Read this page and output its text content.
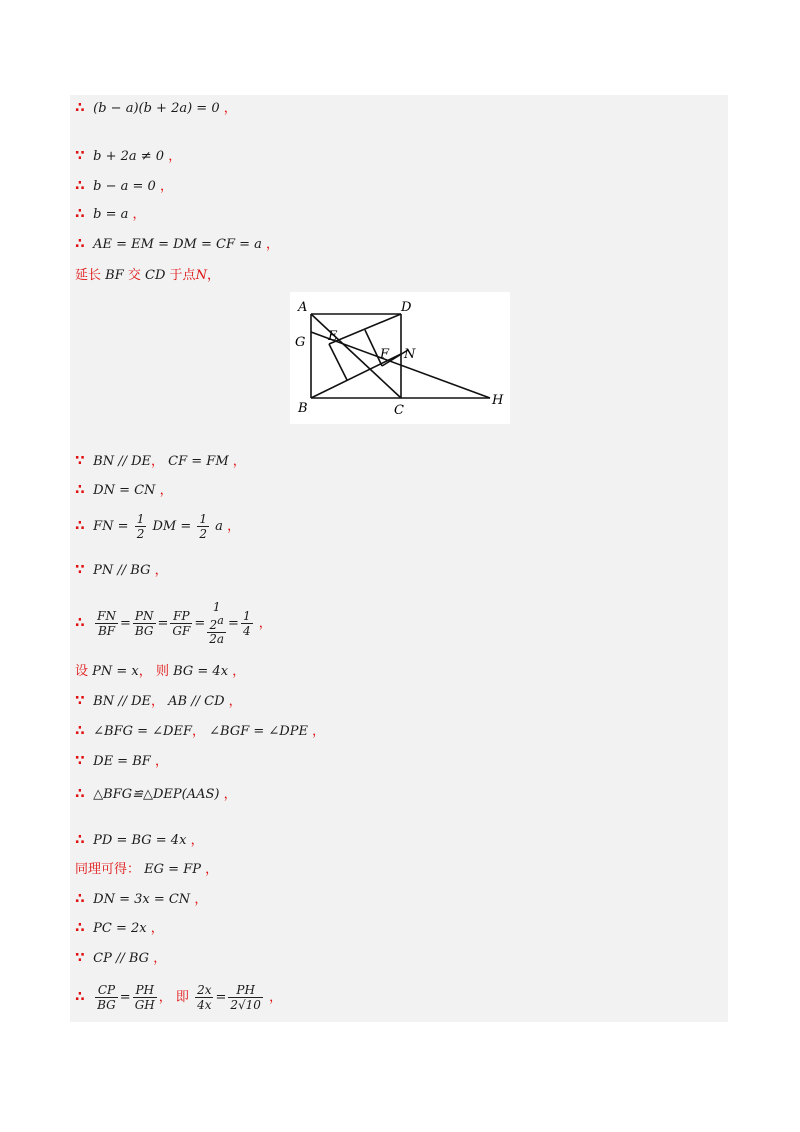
∴ (b − a)(b + 2a) = 0 ，
∵ b + 2a ≠ 0 ，
∴ b − a = 0 ，
∴ b = a ，
∴ AE = EM = DM = CF = a ，
延长 BF 交 CD 于点N，
A	D
G E
F N
B	C
H
∵ BN // DE， CF = FM ，
∴ DN = CN ，
∴ FN = $\frac{1}{2}$ DM = $\frac{1}{2}$ a ，
∵ PN // BG ，
∴ $\frac{FN}{BF} = \frac{PN}{BG} = \frac{FP}{GF}$ =
1
2a
2a
= $\frac{1}{4}$ ，
设 PN = x， 则 BG = 4x ，
∵ BN // DE， AB // CD ，
∴ ∠BFG = ∠DEF， ∠BGF = ∠DPE ，
∵ DE = BF ，
∴ △BFG≌△DEP(AAS) ，
∴ PD = BG = 4x ，
同理可得： EG = FP ，
∴ DN = 3x = CN ，
∴ PC = 2x ，
∵ CP // BG ，
∴ $\frac{CP}{BG} = \frac{PH}{GH}$ ， 即 $\frac{2x}{4x} = \frac{PH}{2√10}$ ，
